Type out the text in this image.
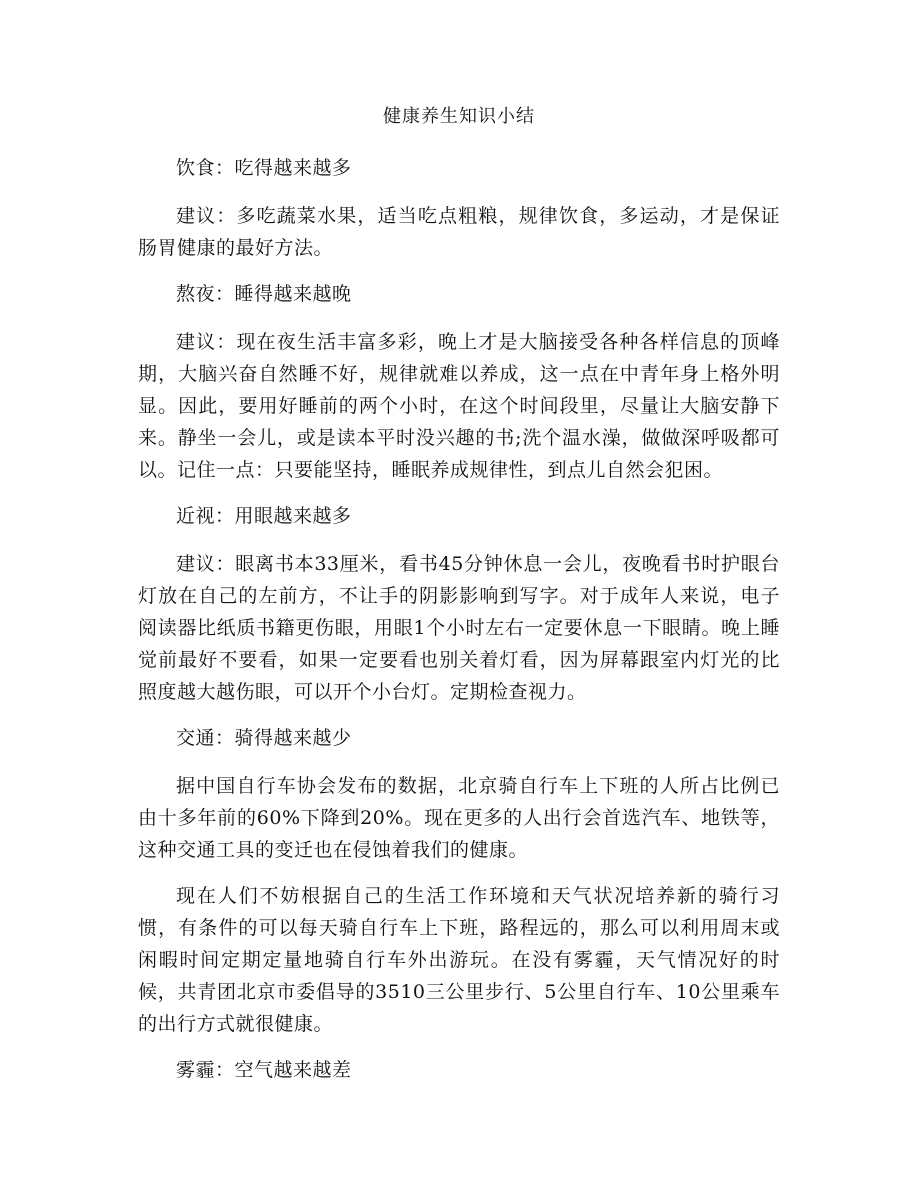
健康养生知识小结

饮食：吃得越来越多

建议：多吃蔬菜水果，适当吃点粗粮，规律饮食，多运动，才是保证肠胃健康的最好方法。

熬夜：睡得越来越晚

建议：现在夜生活丰富多彩，晚上才是大脑接受各种各样信息的顶峰期，大脑兴奋自然睡不好，规律就难以养成，这一点在中青年身上格外明显。因此，要用好睡前的两个小时，在这个时间段里，尽量让大脑安静下来。静坐一会儿，或是读本平时没兴趣的书;洗个温水澡，做做深呼吸都可以。记住一点：只要能坚持，睡眠养成规律性，到点儿自然会犯困。

近视：用眼越来越多

建议：眼离书本33厘米，看书45分钟休息一会儿，夜晚看书时护眼台灯放在自己的左前方，不让手的阴影影响到写字。对于成年人来说，电子阅读器比纸质书籍更伤眼，用眼1个小时左右一定要休息一下眼睛。晚上睡觉前最好不要看，如果一定要看也别关着灯看，因为屏幕跟室内灯光的比照度越大越伤眼，可以开个小台灯。定期检查视力。

交通：骑得越来越少

据中国自行车协会发布的数据，北京骑自行车上下班的人所占比例已由十多年前的60%下降到20%。现在更多的人出行会首选汽车、地铁等，这种交通工具的变迁也在侵蚀着我们的健康。

现在人们不妨根据自己的生活工作环境和天气状况培养新的骑行习惯，有条件的可以每天骑自行车上下班，路程远的，那么可以利用周末或闲暇时间定期定量地骑自行车外出游玩。在没有雾霾，天气情况好的时候，共青团北京市委倡导的3510三公里步行、5公里自行车、10公里乘车的出行方式就很健康。

雾霾：空气越来越差
